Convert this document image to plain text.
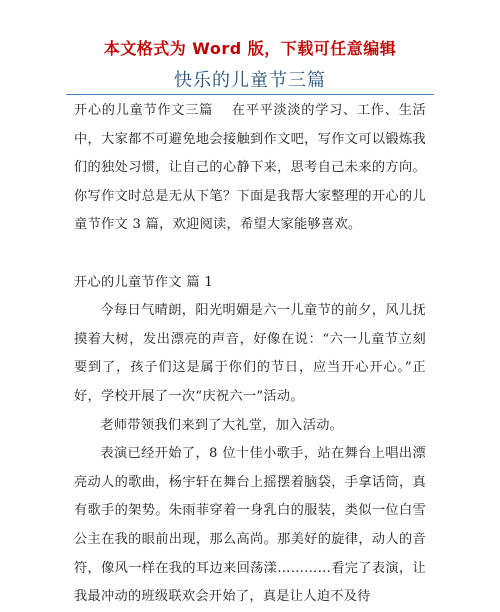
本文格式为 Word 版，下载可任意编辑
快乐的儿童节三篇

开心的儿童节作文三篇　 在平平淡淡的学习、工作、生活中，大家都不可避免地会接触到作文吧，写作文可以锻炼我们的独处习惯，让自己的心静下来，思考自己未来的方向。你写作文时总是无从下笔？下面是我帮大家整理的开心的儿童节作文 3 篇，欢迎阅读，希望大家能够喜欢。

开心的儿童节作文 篇 1

今每日气晴朗，阳光明媚是六一儿童节的前夕，风儿抚摸着大树，发出漂亮的声音，好像在说：“六一儿童节立刻要到了，孩子们这是属于你们的节日，应当开心开心。”正好，学校开展了一次“庆祝六一”活动。

老师带领我们来到了大礼堂，加入活动。

表演已经开始了，8 位十佳小歌手，站在舞台上唱出漂亮动人的歌曲，杨宇轩在舞台上摇摆着脑袋，手拿话筒，真有歌手的架势。朱雨菲穿着一身乳白的服装，类似一位白雪公主在我的眼前出现，那么高尚。那美好的旋律，动人的音符，像风一样在我的耳边来回荡漾…………看完了表演，让我最冲动的班级联欢会开始了，真是让人迫不及待
